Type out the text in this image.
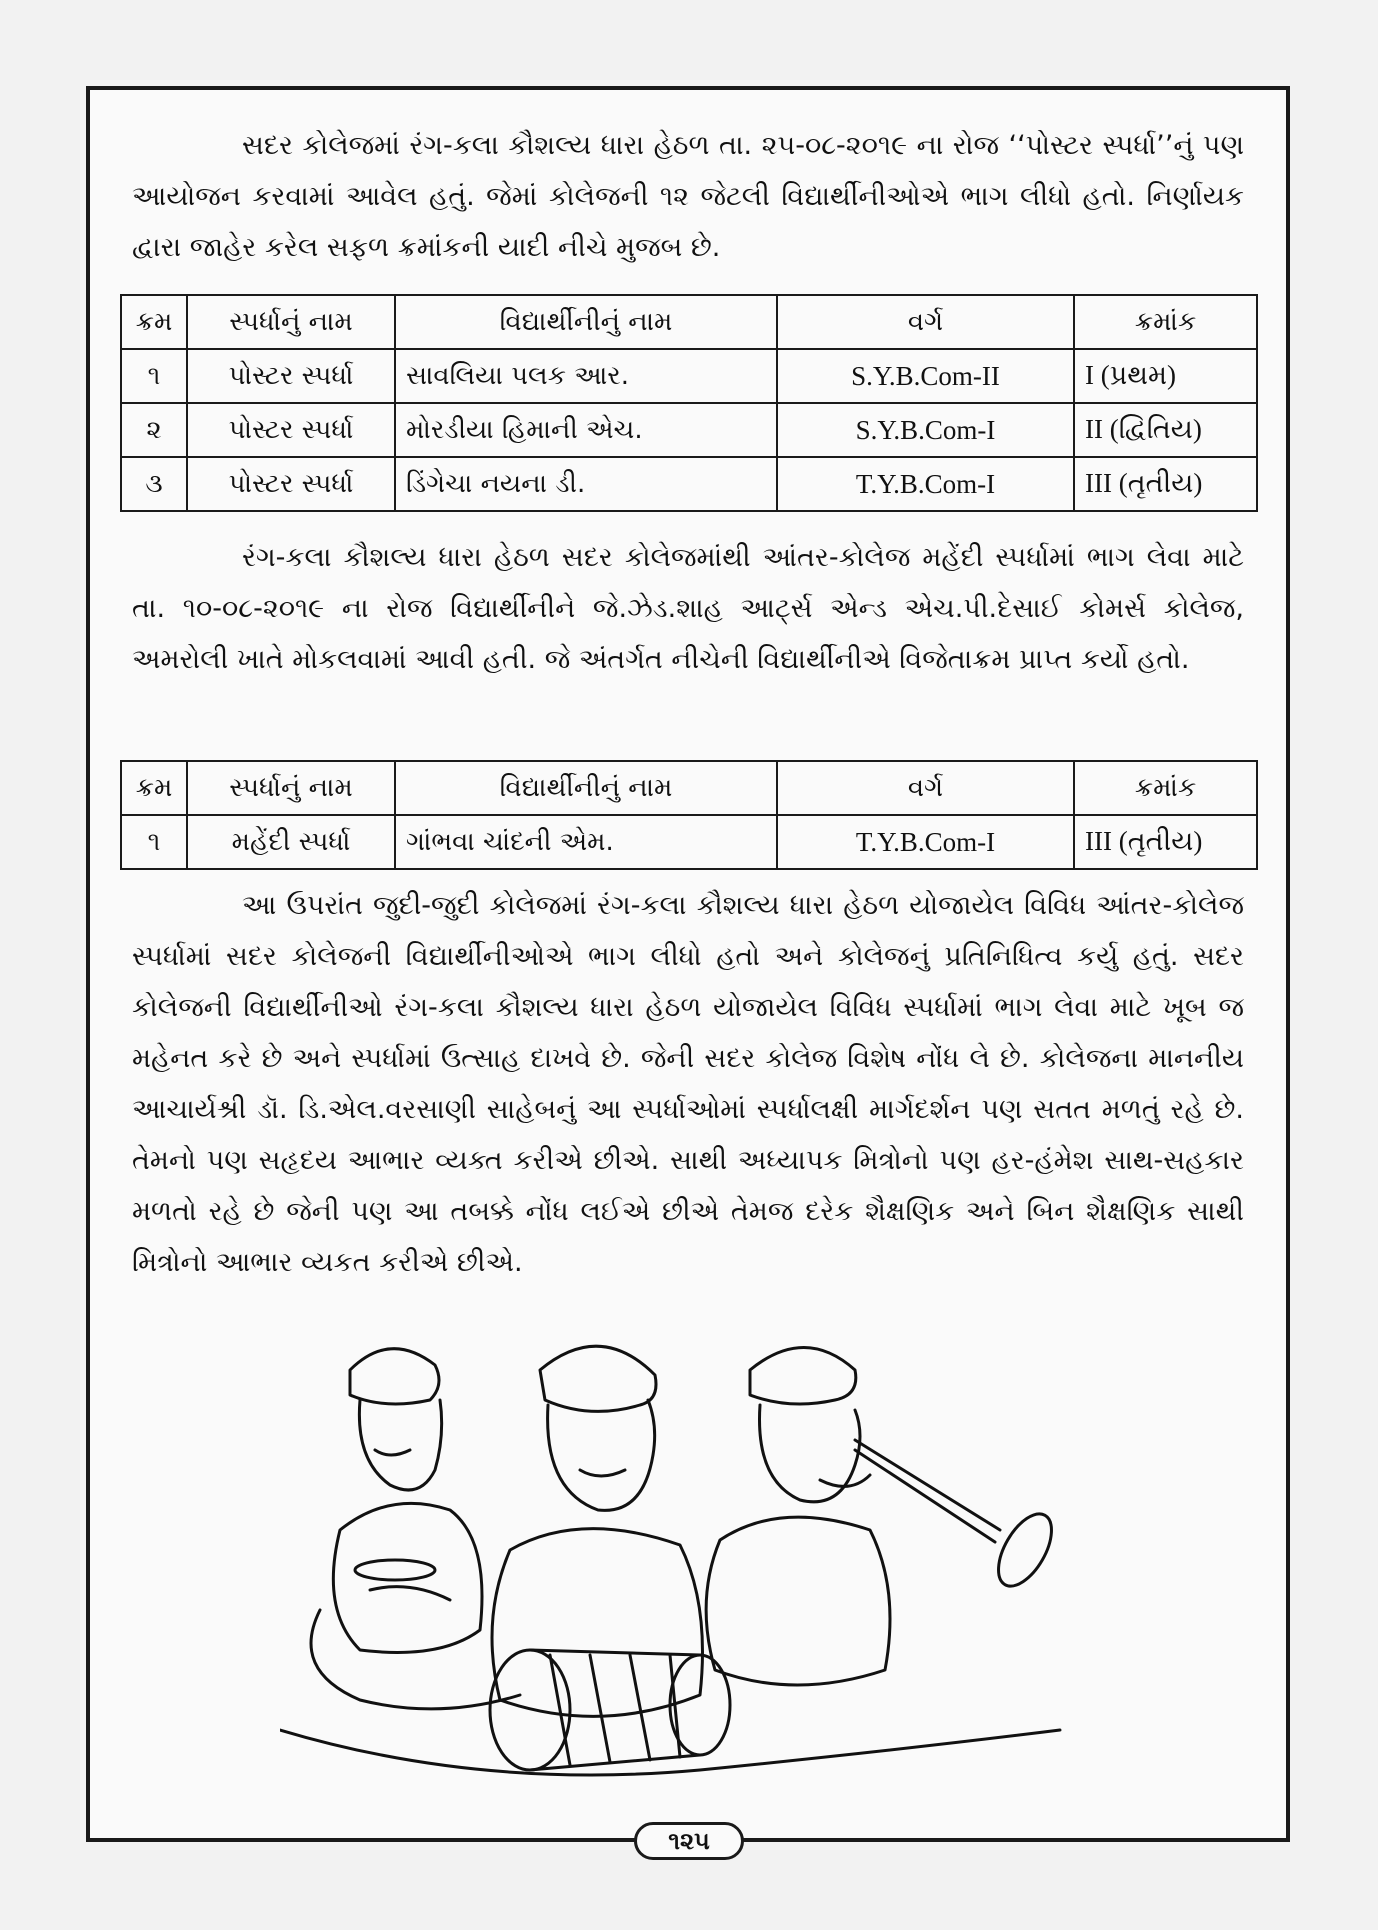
સદર કોલેજમાં રંગ-કલા કૌશલ્ય ધારા હેઠળ તા. ૨૫-૦૮-૨૦૧૯ ના રોજ ‘‘પોસ્ટર સ્પર્ધા’’નું પણ આયોજન કરવામાં આવેલ હતું. જેમાં કોલેજની ૧૨ જેટલી વિદ્યાર્થીનીઓએ ભાગ લીધો હતો. નિર્ણાયક દ્વારા જાહેર કરેલ સફળ ક્રમાંકની યાદી નીચે મુજબ છે.

ક્રમ	સ્પર્ધાનું નામ	વિદ્યાર્થીનીનું નામ	વર્ગ	ક્રમાંક
૧	પોસ્ટર સ્પર્ધા	સાવલિયા પલક આર.	S.Y.B.Com-II	I (પ્રથમ)
૨	પોસ્ટર સ્પર્ધા	મોરડીયા હિમાની એચ.	S.Y.B.Com-I	II (દ્વિતિય)
૩	પોસ્ટર સ્પર્ધા	ડિંગેચા નયના ડી.	T.Y.B.Com-I	III (તૃતીય)

રંગ-કલા કૌશલ્ય ધારા હેઠળ સદર કોલેજમાંથી આંતર-કોલેજ મહેંદી સ્પર્ધામાં ભાગ લેવા માટે તા. ૧૦-૦૮-૨૦૧૯ ના રોજ વિદ્યાર્થીનીને જે.ઝેડ.શાહ આર્ટ્સ એન્ડ એચ.પી.દેસાઈ કોમર્સ કોલેજ, અમરોલી ખાતે મોકલવામાં આવી હતી. જે અંતર્ગત નીચેની વિદ્યાર્થીનીએ વિજેતાક્રમ પ્રાપ્ત કર્યો હતો.

ક્રમ	સ્પર્ધાનું નામ	વિદ્યાર્થીનીનું નામ	વર્ગ	ક્રમાંક
૧	મહેંદી સ્પર્ધા	ગાંભવા ચાંદની એમ.	T.Y.B.Com-I	III (તૃતીય)

આ ઉપરાંત જુદી-જુદી કોલેજમાં રંગ-કલા કૌશલ્ય ધારા હેઠળ યોજાયેલ વિવિધ આંતર-કોલેજ સ્પર્ધામાં સદર કોલેજની વિદ્યાર્થીનીઓએ ભાગ લીધો હતો અને કોલેજનું પ્રતિનિધિત્વ કર્યુ હતું. સદર કોલેજની વિદ્યાર્થીનીઓ રંગ-કલા કૌશલ્ય ધારા હેઠળ યોજાયેલ વિવિધ સ્પર્ધામાં ભાગ લેવા માટે ખૂબ જ મહેનત કરે છે અને સ્પર્ધામાં ઉત્સાહ દાખવે છે. જેની સદર કોલેજ વિશેષ નોંધ લે છે. કોલેજના માનનીય આચાર્યશ્રી ડૉ. ડિ.એલ.વરસાણી સાહેબનું આ સ્પર્ધાઓમાં સ્પર્ધાલક્ષી માર્ગદર્શન પણ સતત મળતું રહે છે. તેમનો પણ સહૃદય આભાર વ્યક્ત કરીએ છીએ. સાથી અધ્યાપક મિત્રોનો પણ હર-હંમેશ સાથ-સહકાર મળતો રહે છે જેની પણ આ તબક્કે નોંધ લઈએ છીએ તેમજ દરેક શૈક્ષણિક અને બિન શૈક્ષણિક સાથી મિત્રોનો આભાર વ્યકત કરીએ છીએ.

૧૨૫
